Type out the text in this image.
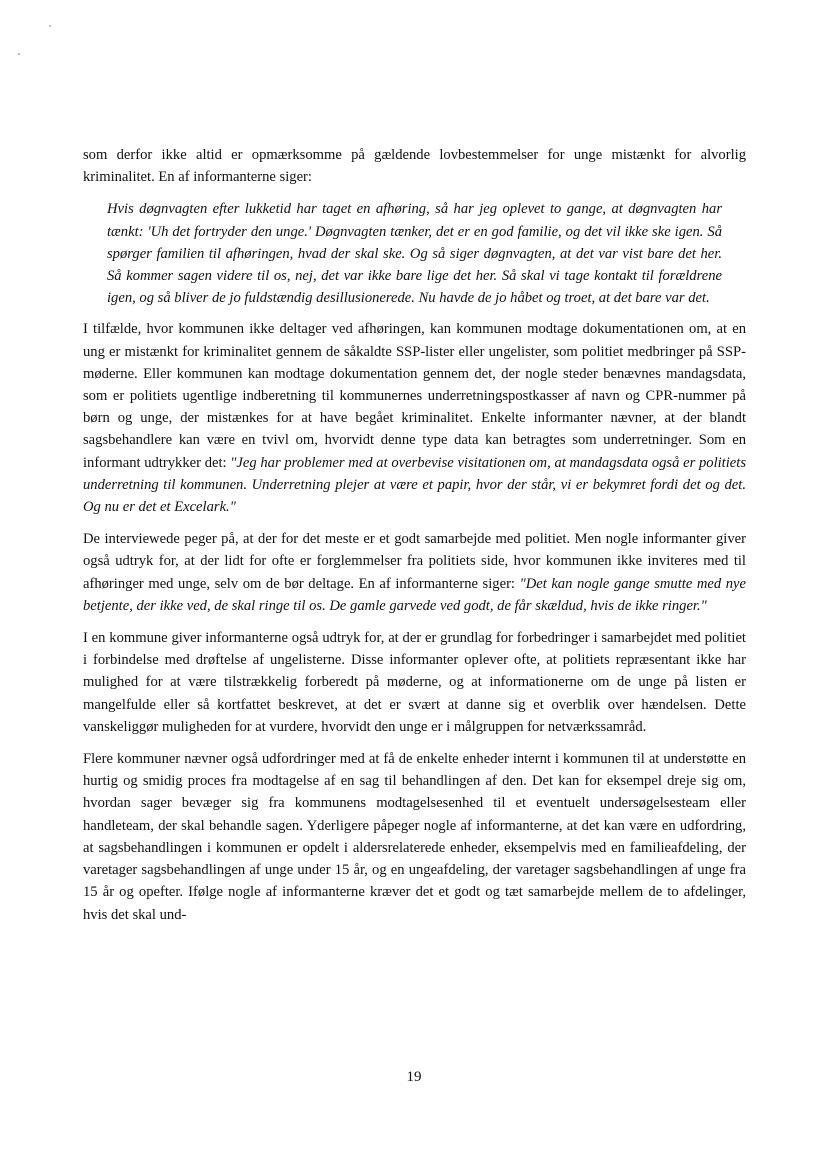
som derfor ikke altid er opmærksomme på gældende lovbestemmelser for unge mistænkt for alvorlig kriminalitet. En af informanterne siger:

Hvis døgnvagten efter lukketid har taget en afhøring, så har jeg oplevet to gange, at døgnvagten har tænkt: 'Uh det fortryder den unge.' Døgnvagten tænker, det er en god familie, og det vil ikke ske igen. Så spørger familien til afhøringen, hvad der skal ske. Og så siger døgnvagten, at det var vist bare det her. Så kommer sagen videre til os, nej, det var ikke bare lige det her. Så skal vi tage kontakt til forældrene igen, og så bliver de jo fuldstændig desillusionerede. Nu havde de jo håbet og troet, at det bare var det.

I tilfælde, hvor kommunen ikke deltager ved afhøringen, kan kommunen modtage dokumentationen om, at en ung er mistænkt for kriminalitet gennem de såkaldte SSP-lister eller ungelister, som politiet medbringer på SSP-møderne. Eller kommunen kan modtage dokumentation gennem det, der nogle steder benævnes mandagsdata, som er politiets ugentlige indberetning til kommunernes underretningspostkasser af navn og CPR-nummer på børn og unge, der mistænkes for at have begået kriminalitet. Enkelte informanter nævner, at der blandt sagsbehandlere kan være en tvivl om, hvorvidt denne type data kan betragtes som underretninger. Som en informant udtrykker det: "Jeg har problemer med at overbevise visitationen om, at mandagsdata også er politiets underretning til kommunen. Underretning plejer at være et papir, hvor der står, vi er bekymret fordi det og det. Og nu er det et Excelark."

De interviewede peger på, at der for det meste er et godt samarbejde med politiet. Men nogle informanter giver også udtryk for, at der lidt for ofte er forglemmelser fra politiets side, hvor kommunen ikke inviteres med til afhøringer med unge, selv om de bør deltage. En af informanterne siger: "Det kan nogle gange smutte med nye betjente, der ikke ved, de skal ringe til os. De gamle garvede ved godt, de får skældud, hvis de ikke ringer."

I en kommune giver informanterne også udtryk for, at der er grundlag for forbedringer i samarbejdet med politiet i forbindelse med drøftelse af ungelisterne. Disse informanter oplever ofte, at politiets repræsentant ikke har mulighed for at være tilstrækkelig forberedt på møderne, og at informationerne om de unge på listen er mangelfulde eller så kortfattet beskrevet, at det er svært at danne sig et overblik over hændelsen. Dette vanskeliggør muligheden for at vurdere, hvorvidt den unge er i målgruppen for netværkssamråd.

Flere kommuner nævner også udfordringer med at få de enkelte enheder internt i kommunen til at understøtte en hurtig og smidig proces fra modtagelse af en sag til behandlingen af den. Det kan for eksempel dreje sig om, hvordan sager bevæger sig fra kommunens modtagelsesenhed til et eventuelt undersøgelsesteam eller handleteam, der skal behandle sagen. Yderligere påpeger nogle af informanterne, at det kan være en udfordring, at sagsbehandlingen i kommunen er opdelt i aldersrelaterede enheder, eksempelvis med en familieafdeling, der varetager sagsbehandlingen af unge under 15 år, og en ungeafdeling, der varetager sagsbehandlingen af unge fra 15 år og opefter. Ifølge nogle af informanterne kræver det et godt og tæt samarbejde mellem de to afdelinger, hvis det skal und-

19
